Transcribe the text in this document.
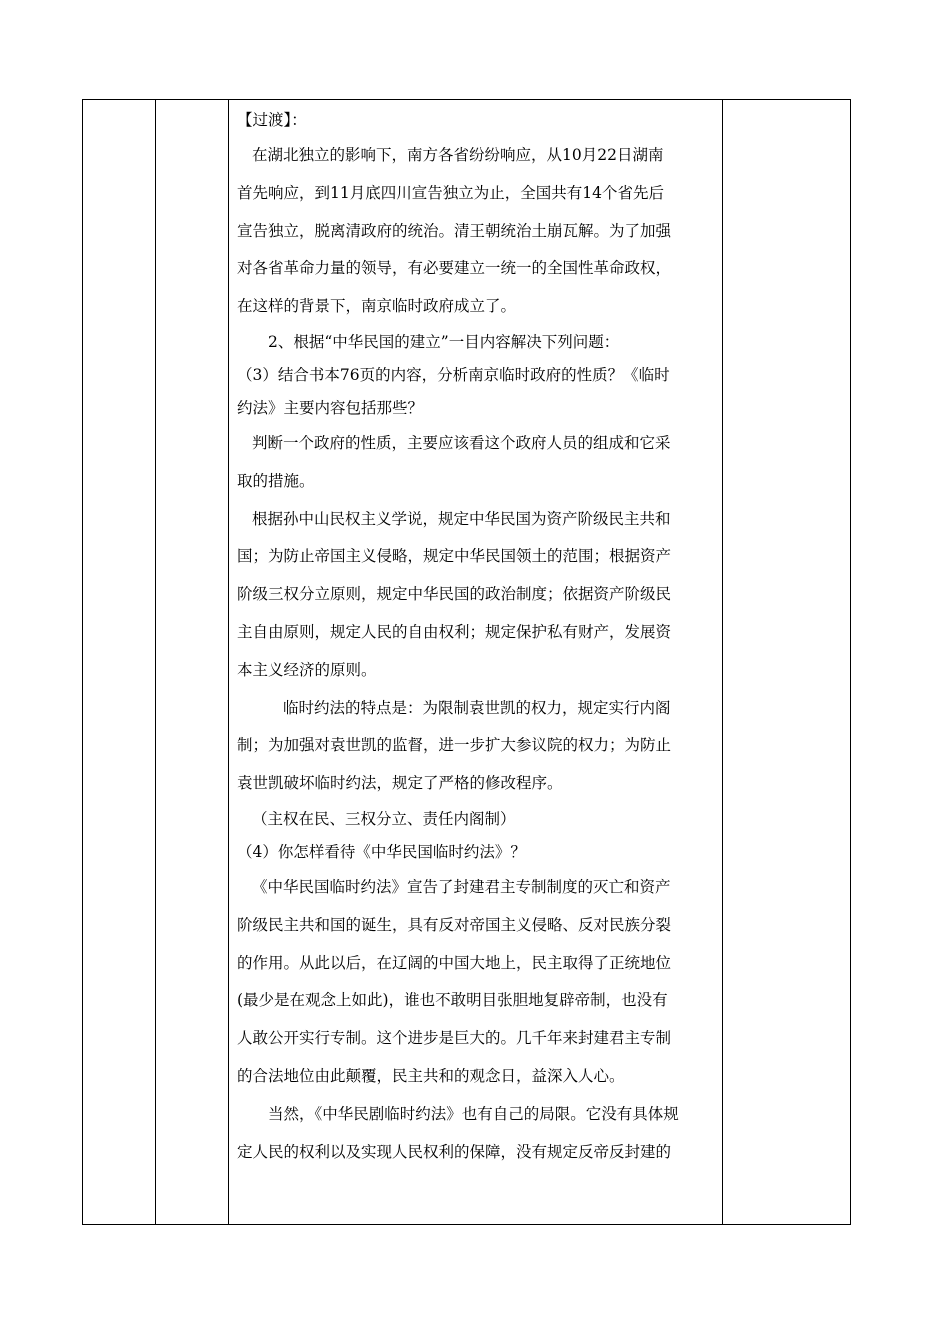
【过渡】：
在湖北独立的影响下，南方各省纷纷响应，从10月22日湖南
首先响应，到11月底四川宣告独立为止，全国共有14个省先后
宣告独立，脱离清政府的统治。清王朝统治土崩瓦解。为了加强
对各省革命力量的领导，有必要建立一统一的全国性革命政权，
在这样的背景下，南京临时政府成立了。
2、根据“中华民国的建立”一目内容解决下列问题：
（3）结合书本76页的内容，分析南京临时政府的性质？《临时
约法》主要内容包括那些？
判断一个政府的性质，主要应该看这个政府人员的组成和它采
取的措施。
根据孙中山民权主义学说，规定中华民国为资产阶级民主共和
国；为防止帝国主义侵略，规定中华民国领土的范围；根据资产
阶级三权分立原则，规定中华民国的政治制度；依据资产阶级民
主自由原则，规定人民的自由权利；规定保护私有财产，发展资
本主义经济的原则。
临时约法的特点是：为限制袁世凯的权力，规定实行内阁
制；为加强对袁世凯的监督，进一步扩大参议院的权力；为防止
袁世凯破坏临时约法，规定了严格的修改程序。
（主权在民、三权分立、责任内阁制）
（4）你怎样看待《中华民国临时约法》？
《中华民国临时约法》宣告了封建君主专制制度的灭亡和资产
阶级民主共和国的诞生，具有反对帝国主义侵略、反对民族分裂
的作用。从此以后，在辽阔的中国大地上，民主取得了正统地位
(最少是在观念上如此)，谁也不敢明目张胆地复辟帝制，也没有
人敢公开实行专制。这个进步是巨大的。几千年来封建君主专制
的合法地位由此颠覆，民主共和的观念日，益深入人心。
当然，《中华民剧临时约法》也有自己的局限。它没有具体规
定人民的权利以及实现人民权利的保障，没有规定反帝反封建的
